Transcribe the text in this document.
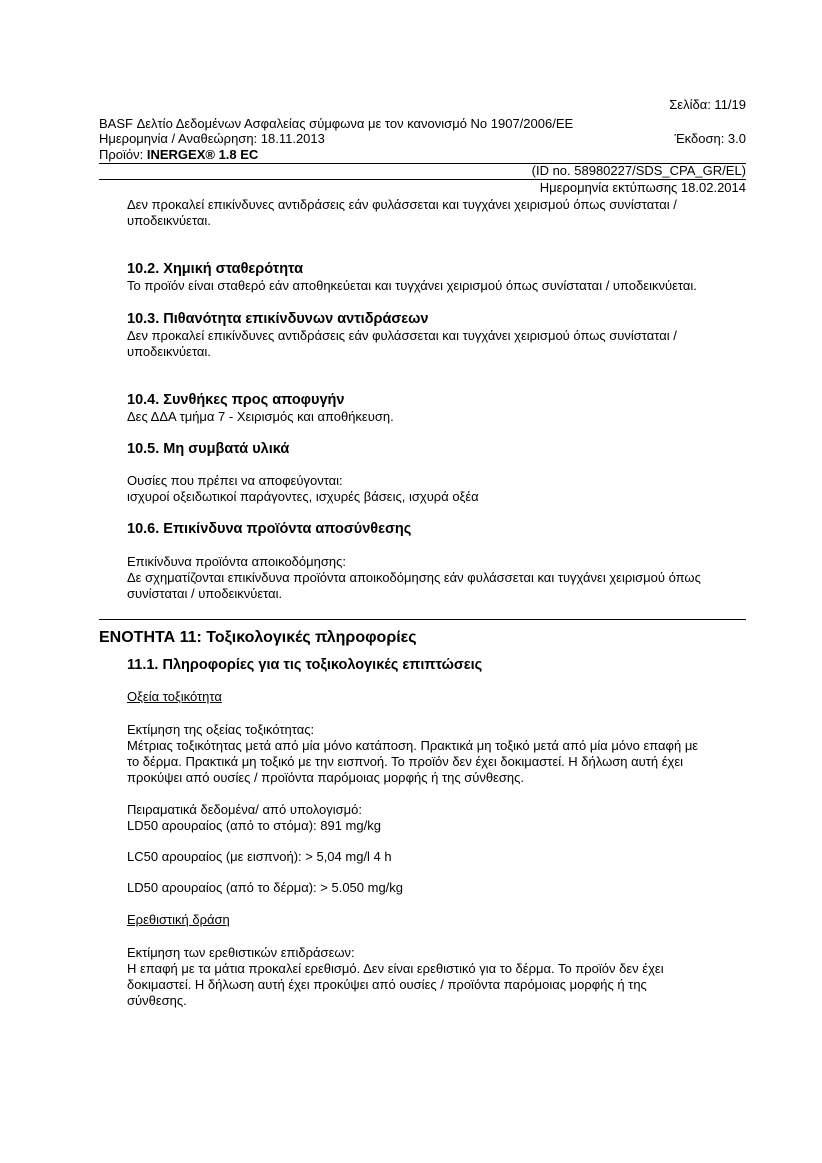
Σελίδα: 11/19
BASF Δελτίο Δεδομένων Ασφαλείας σύμφωνα με τον κανονισμό Νο 1907/2006/ΕΕ
Ημερομηνία / Αναθεώρηση: 18.11.2013	Έκδοση: 3.0
Προϊόν: INERGEX® 1.8 EC
(ID no. 58980227/SDS_CPA_GR/EL)
Ημερομηνία εκτύπωσης 18.02.2014
Δεν προκαλεί επικίνδυνες αντιδράσεις εάν φυλάσσεται και τυγχάνει χειρισμού όπως συνίσταται /
υποδεικνύεται.
10.2. Χημική σταθερότητα
Το προϊόν είναι σταθερό εάν αποθηκεύεται και τυγχάνει χειρισμού όπως συνίσταται / υποδεικνύεται.
10.3. Πιθανότητα επικίνδυνων αντιδράσεων
Δεν προκαλεί επικίνδυνες αντιδράσεις εάν φυλάσσεται και τυγχάνει χειρισμού όπως συνίσταται /
υποδεικνύεται.
10.4. Συνθήκες προς αποφυγήν
Δες ΔΔΑ τμήμα 7 - Χειρισμός και αποθήκευση.
10.5. Μη συμβατά υλικά
Ουσίες που πρέπει να αποφεύγονται:
ισχυροί οξειδωτικοί παράγοντες, ισχυρές βάσεις, ισχυρά οξέα
10.6. Επικίνδυνα προϊόντα αποσύνθεσης
Επικίνδυνα προϊόντα αποικοδόμησης:
Δε σχηματίζονται επικίνδυνα προϊόντα αποικοδόμησης εάν φυλάσσεται και τυγχάνει χειρισμού όπως
συνίσταται / υποδεικνύεται.
ΕΝΟΤΗΤΑ 11: Τοξικολογικές πληροφορίες
11.1. Πληροφορίες για τις τοξικολογικές επιπτώσεις
Οξεία τοξικότητα
Εκτίμηση της οξείας τοξικότητας:
Μέτριας τοξικότητας μετά από μία μόνο κατάποση. Πρακτικά μη τοξικό μετά από μία μόνο επαφή με
το δέρμα. Πρακτικά μη τοξικό με την εισπνοή. Το προϊόν δεν έχει δοκιμαστεί. Η δήλωση αυτή έχει
προκύψει από ουσίες / προϊόντα παρόμοιας μορφής ή της σύνθεσης.
Πειραματικά δεδομένα/ από υπολογισμό:
LD50 αρουραίος (από το στόμα): 891 mg/kg
LC50 αρουραίος (με εισπνοή): > 5,04 mg/l 4 h
LD50 αρουραίος (από το δέρμα): > 5.050 mg/kg
Ερεθιστική δράση
Εκτίμηση των ερεθιστικών επιδράσεων:
Η επαφή με τα μάτια προκαλεί ερεθισμό. Δεν είναι ερεθιστικό για το δέρμα. Το προϊόν δεν έχει
δοκιμαστεί. Η δήλωση αυτή έχει προκύψει από ουσίες / προϊόντα παρόμοιας μορφής ή της
σύνθεσης.
